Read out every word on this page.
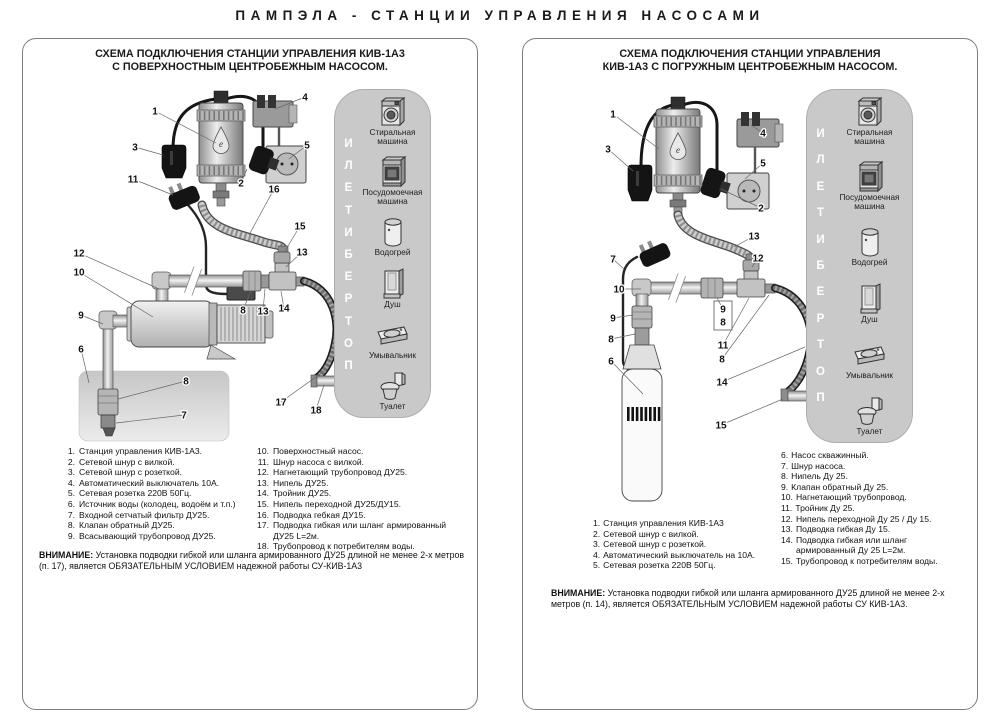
ПАМПЭЛА - СТАНЦИИ УПРАВЛЕНИЯ НАСОСАМИ
СХЕМА ПОДКЛЮЧЕНИЯ СТАНЦИИ УПРАВЛЕНИЯ КИВ-1А3
С ПОВЕРХНОСТНЫМ ЦЕНТРОБЕЖНЫМ НАСОСОМ.
е
1
3
11
12
10
9
6
8
7
4
5
2
16
15
13
8 13 14
17
18
И
Л
Е
Т
И
Б
Е
Р
Т
О
П
Стиральная машина
Посудомоечная машина
Водогрей
Душ
Умывальник
Туалет
1. Станция управления КИВ-1А3.
2. Сетевой шнур с вилкой.
3. Сетевой шнур с розеткой.
4. Автоматический выключатель 10А.
5. Сетевая розетка 220В 50Гц.
6. Источник воды (колодец, водоём и т.п.)
7. Входной сетчатый фильтр ДУ25.
8. Клапан обратный ДУ25.
9. Всасывающий трубопровод ДУ25.
10. Поверхностный насос.
11. Шнур насоса с вилкой.
12. Нагнетающий трубопровод ДУ25.
13. Нипель ДУ25.
14. Тройник ДУ25.
15. Нипель переходной ДУ25/ДУ15.
16. Подводка гебкая ДУ15.
17. Подводка гибкая или шланг армированный ДУ25 L=2м.
18. Трубопровод к потребителям воды.

ВНИМАНИЕ: Установка подводки гибкой или шланга армированного ДУ25 длиной не менее 2-х метров (п. 17), является ОБЯЗАТЕЛЬНЫМ УСЛОВИЕМ надежной работы СУ-КИВ-1А3

СХЕМА ПОДКЛЮЧЕНИЯ СТАНЦИИ УПРАВЛЕНИЯ
КИВ-1А3 С ПОГРУЖНЫМ ЦЕНТРОБЕЖНЫМ НАСОСОМ.
е
1
3
2
4
5
13
12
7
10
9
8
6
9
8
11
8
14
15
И
Л
Е
Т
И
Б
Е
Р
Т
О
П
Стиральная машина
Посудомоечная машина
Водогрей
Душ
Умывальник
Туалет
1. Станция управления КИВ-1А3
2. Сетевой шнур с вилкой.
3. Сетевой шнур с розеткой.
4. Автоматический выключатель на 10А.
5. Сетевая розетка 220В 50Гц.
6. Насос скважинный.
7. Шнур насоса.
8. Нипель Ду 25.
9. Клапан обратный Ду 25.
10. Нагнетающий трубопровод.
11. Тройник Ду 25.
12. Нипель переходной Ду 25 / Ду 15.
13. Подводка гибкая Ду 15.
14. Подводка гибкая или шланг армированный Ду 25 L=2м.
15. Трубопровод к потребителям воды.

ВНИМАНИЕ: Установка подводки гибкой или шланга армированного ДУ25 длиной не менее 2-х метров (п. 14), является ОБЯЗАТЕЛЬНЫМ УСЛОВИЕМ надежной работы СУ КИВ-1А3.
